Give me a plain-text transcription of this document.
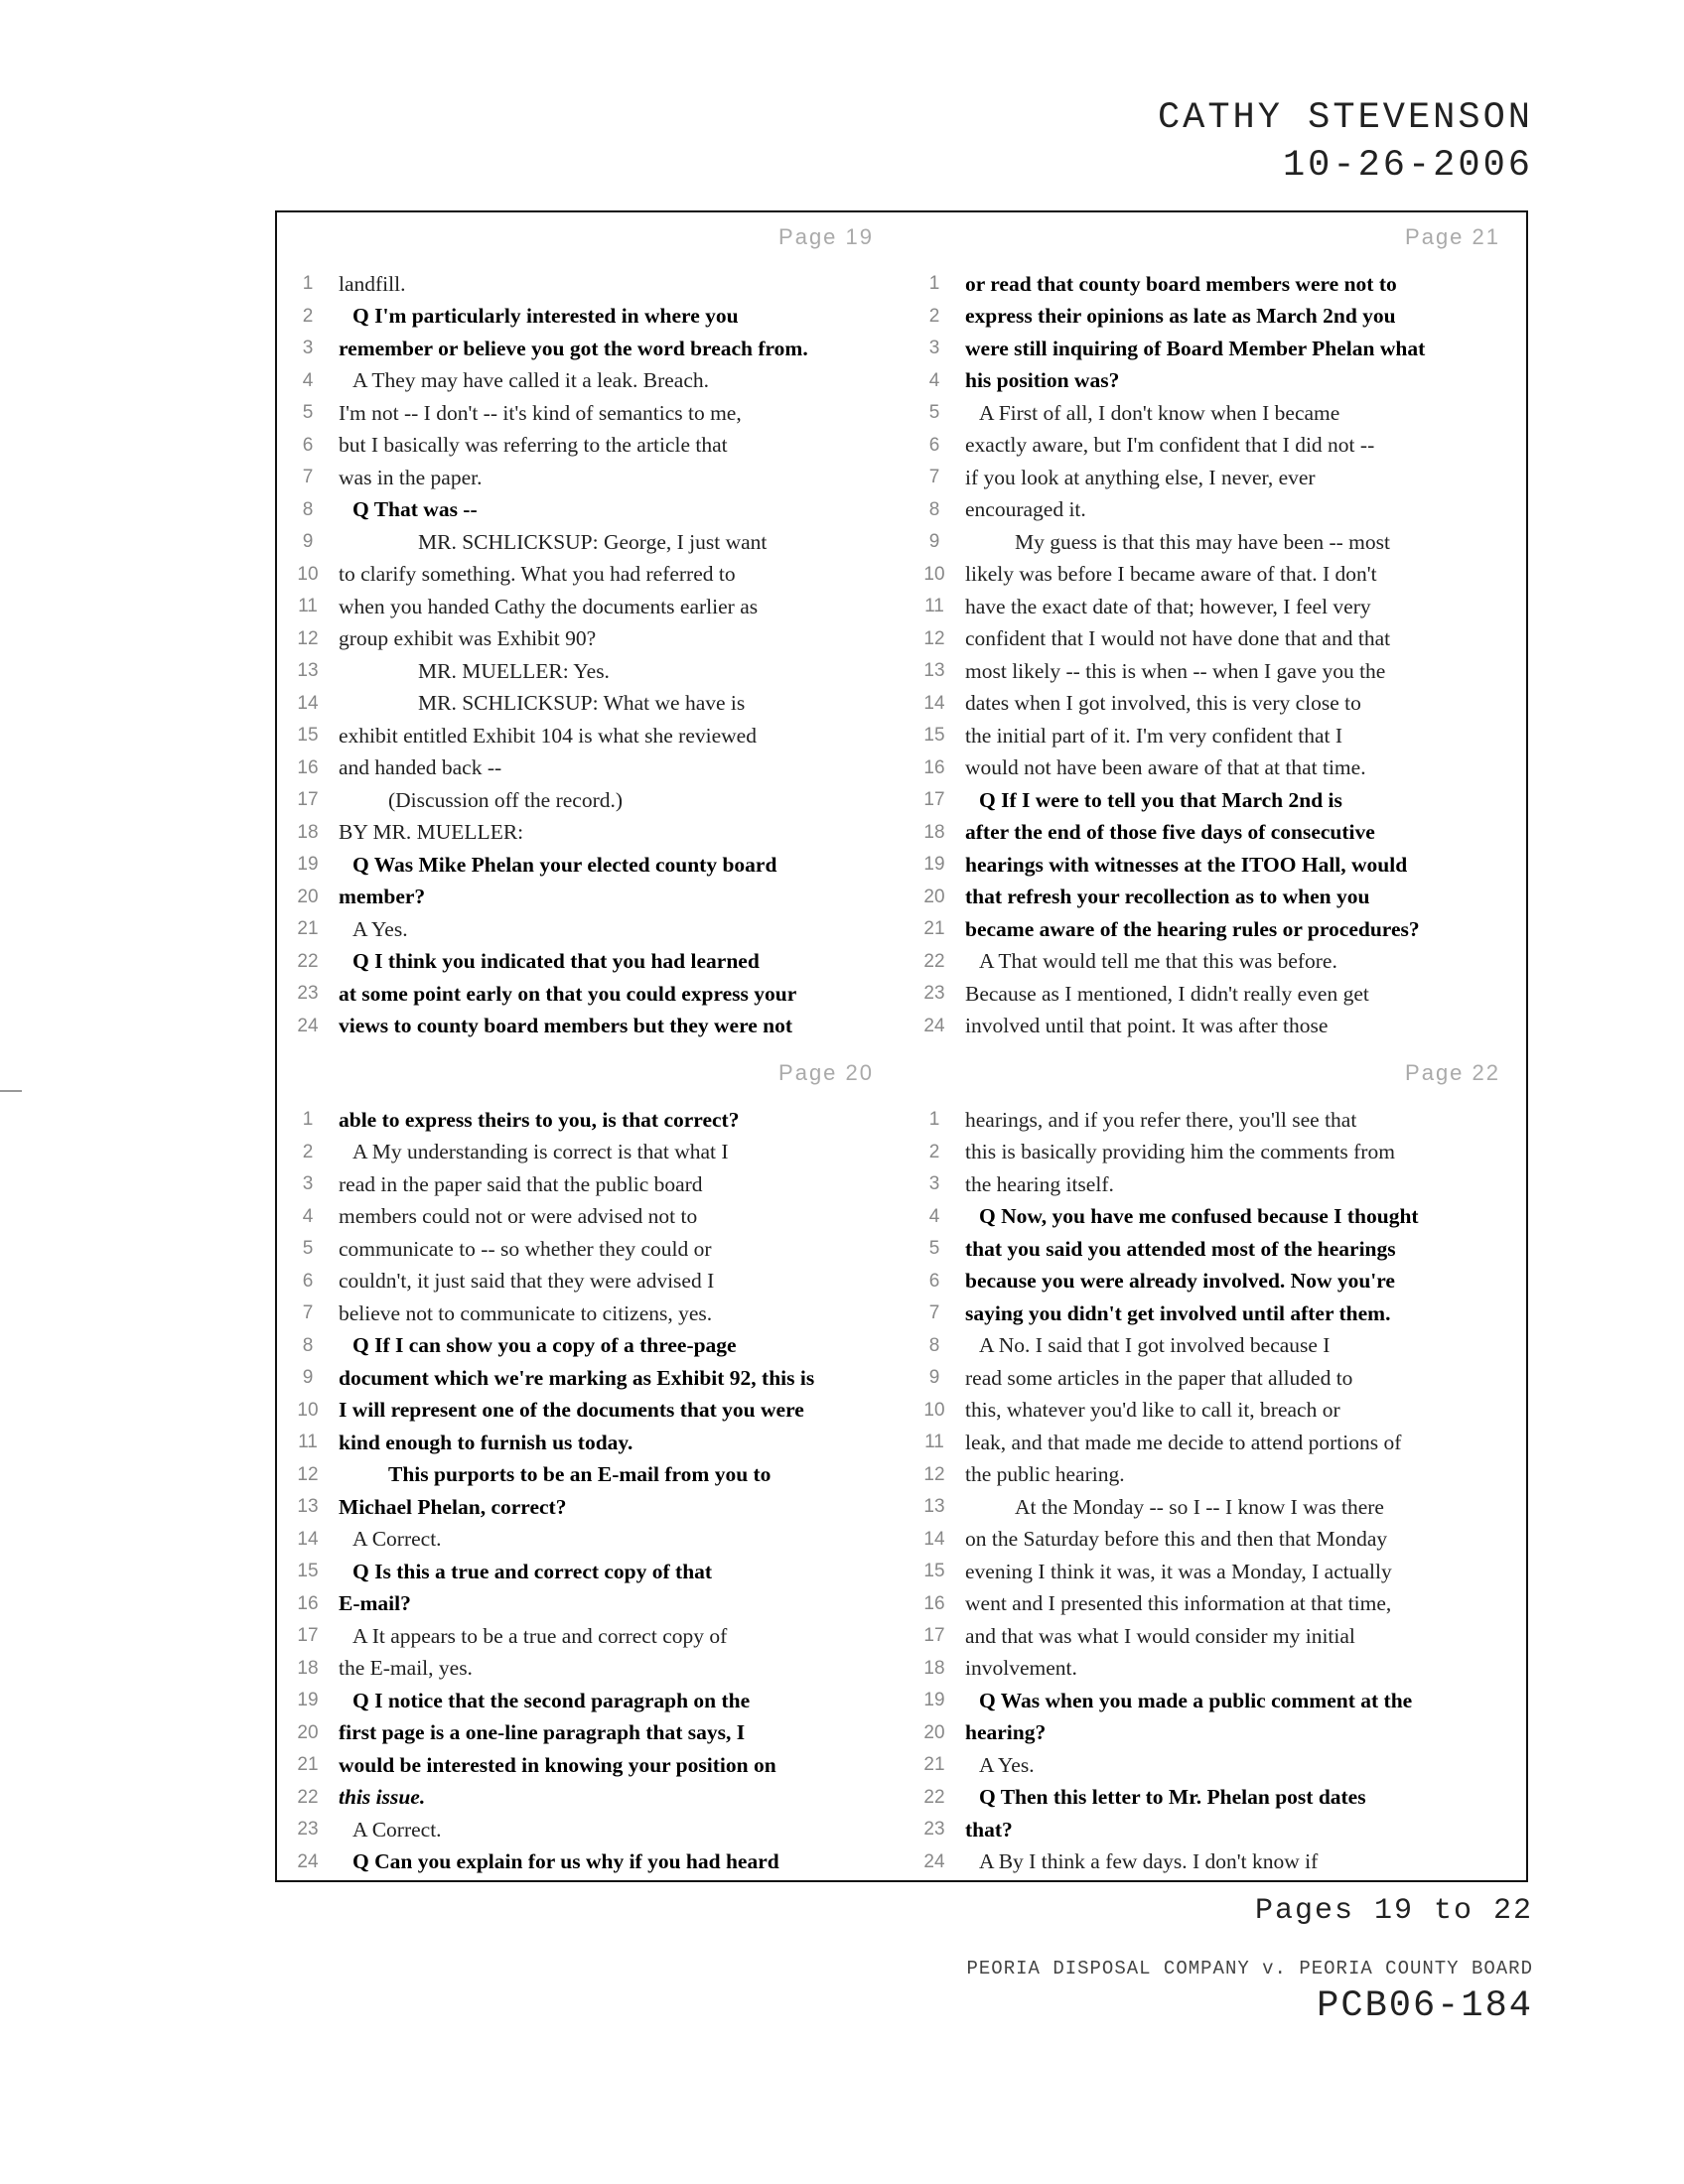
CATHY STEVENSON
10-26-2006
Page 19
1	landfill.
2	Q I'm particularly interested in where you
3	remember or believe you got the word breach from.
4	A They may have called it a leak. Breach.
5	I'm not -- I don't -- it's kind of semantics to me,
6	but I basically was referring to the article that
7	was in the paper.
8	Q That was --
9	MR. SCHLICKSUP: George, I just want
10 to clarify something. What you had referred to
11 when you handed Cathy the documents earlier as
12 group exhibit was Exhibit 90?
13	MR. MUELLER: Yes.
14	MR. SCHLICKSUP: What we have is
15 exhibit entitled Exhibit 104 is what she reviewed
16 and handed back --
17	(Discussion off the record.)
18 BY MR. MUELLER:
19	Q Was Mike Phelan your elected county board
20 member?
21	A Yes.
22	Q I think you indicated that you had learned
23 at some point early on that you could express your
24 views to county board members but they were not
Page 21
1	or read that county board members were not to
2	express their opinions as late as March 2nd you
3	were still inquiring of Board Member Phelan what
4	his position was?
5	A First of all, I don't know when I became
6	exactly aware, but I'm confident that I did not --
7	if you look at anything else, I never, ever
8	encouraged it.
9	My guess is that this may have been -- most
10 likely was before I became aware of that. I don't
11 have the exact date of that; however, I feel very
12 confident that I would not have done that and that
13 most likely -- this is when -- when I gave you the
14 dates when I got involved, this is very close to
15 the initial part of it. I'm very confident that I
16 would not have been aware of that at that time.
17	Q If I were to tell you that March 2nd is
18 after the end of those five days of consecutive
19 hearings with witnesses at the ITOO Hall, would
20 that refresh your recollection as to when you
21 became aware of the hearing rules or procedures?
22	A That would tell me that this was before.
23 Because as I mentioned, I didn't really even get
24 involved until that point. It was after those
Page 20
1	able to express theirs to you, is that correct?
2	A My understanding is correct is that what I
3	read in the paper said that the public board
4	members could not or were advised not to
5	communicate to -- so whether they could or
6	couldn't, it just said that they were advised I
7	believe not to communicate to citizens, yes.
8	Q If I can show you a copy of a three-page
9	document which we're marking as Exhibit 92, this is
10 I will represent one of the documents that you were
11 kind enough to furnish us today.
12	This purports to be an E-mail from you to
13 Michael Phelan, correct?
14	A Correct.
15	Q Is this a true and correct copy of that
16 E-mail?
17	A It appears to be a true and correct copy of
18 the E-mail, yes.
19	Q I notice that the second paragraph on the
20 first page is a one-line paragraph that says, I
21 would be interested in knowing your position on
22 this issue.
23	A Correct.
24	Q Can you explain for us why if you had heard
Page 22
1	hearings, and if you refer there, you'll see that
2	this is basically providing him the comments from
3	the hearing itself.
4	Q Now, you have me confused because I thought
5	that you said you attended most of the hearings
6	because you were already involved. Now you're
7	saying you didn't get involved until after them.
8	A No. I said that I got involved because I
9	read some articles in the paper that alluded to
10 this, whatever you'd like to call it, breach or
11 leak, and that made me decide to attend portions of
12 the public hearing.
13	At the Monday -- so I -- I know I was there
14 on the Saturday before this and then that Monday
15 evening I think it was, it was a Monday, I actually
16 went and I presented this information at that time,
17 and that was what I would consider my initial
18 involvement.
19	Q Was when you made a public comment at the
20 hearing?
21	A Yes.
22	Q Then this letter to Mr. Phelan post dates
23 that?
24	A By I think a few days. I don't know if
Pages 19 to 22
PEORIA DISPOSAL COMPANY v. PEORIA COUNTY BOARD
PCB06-184
